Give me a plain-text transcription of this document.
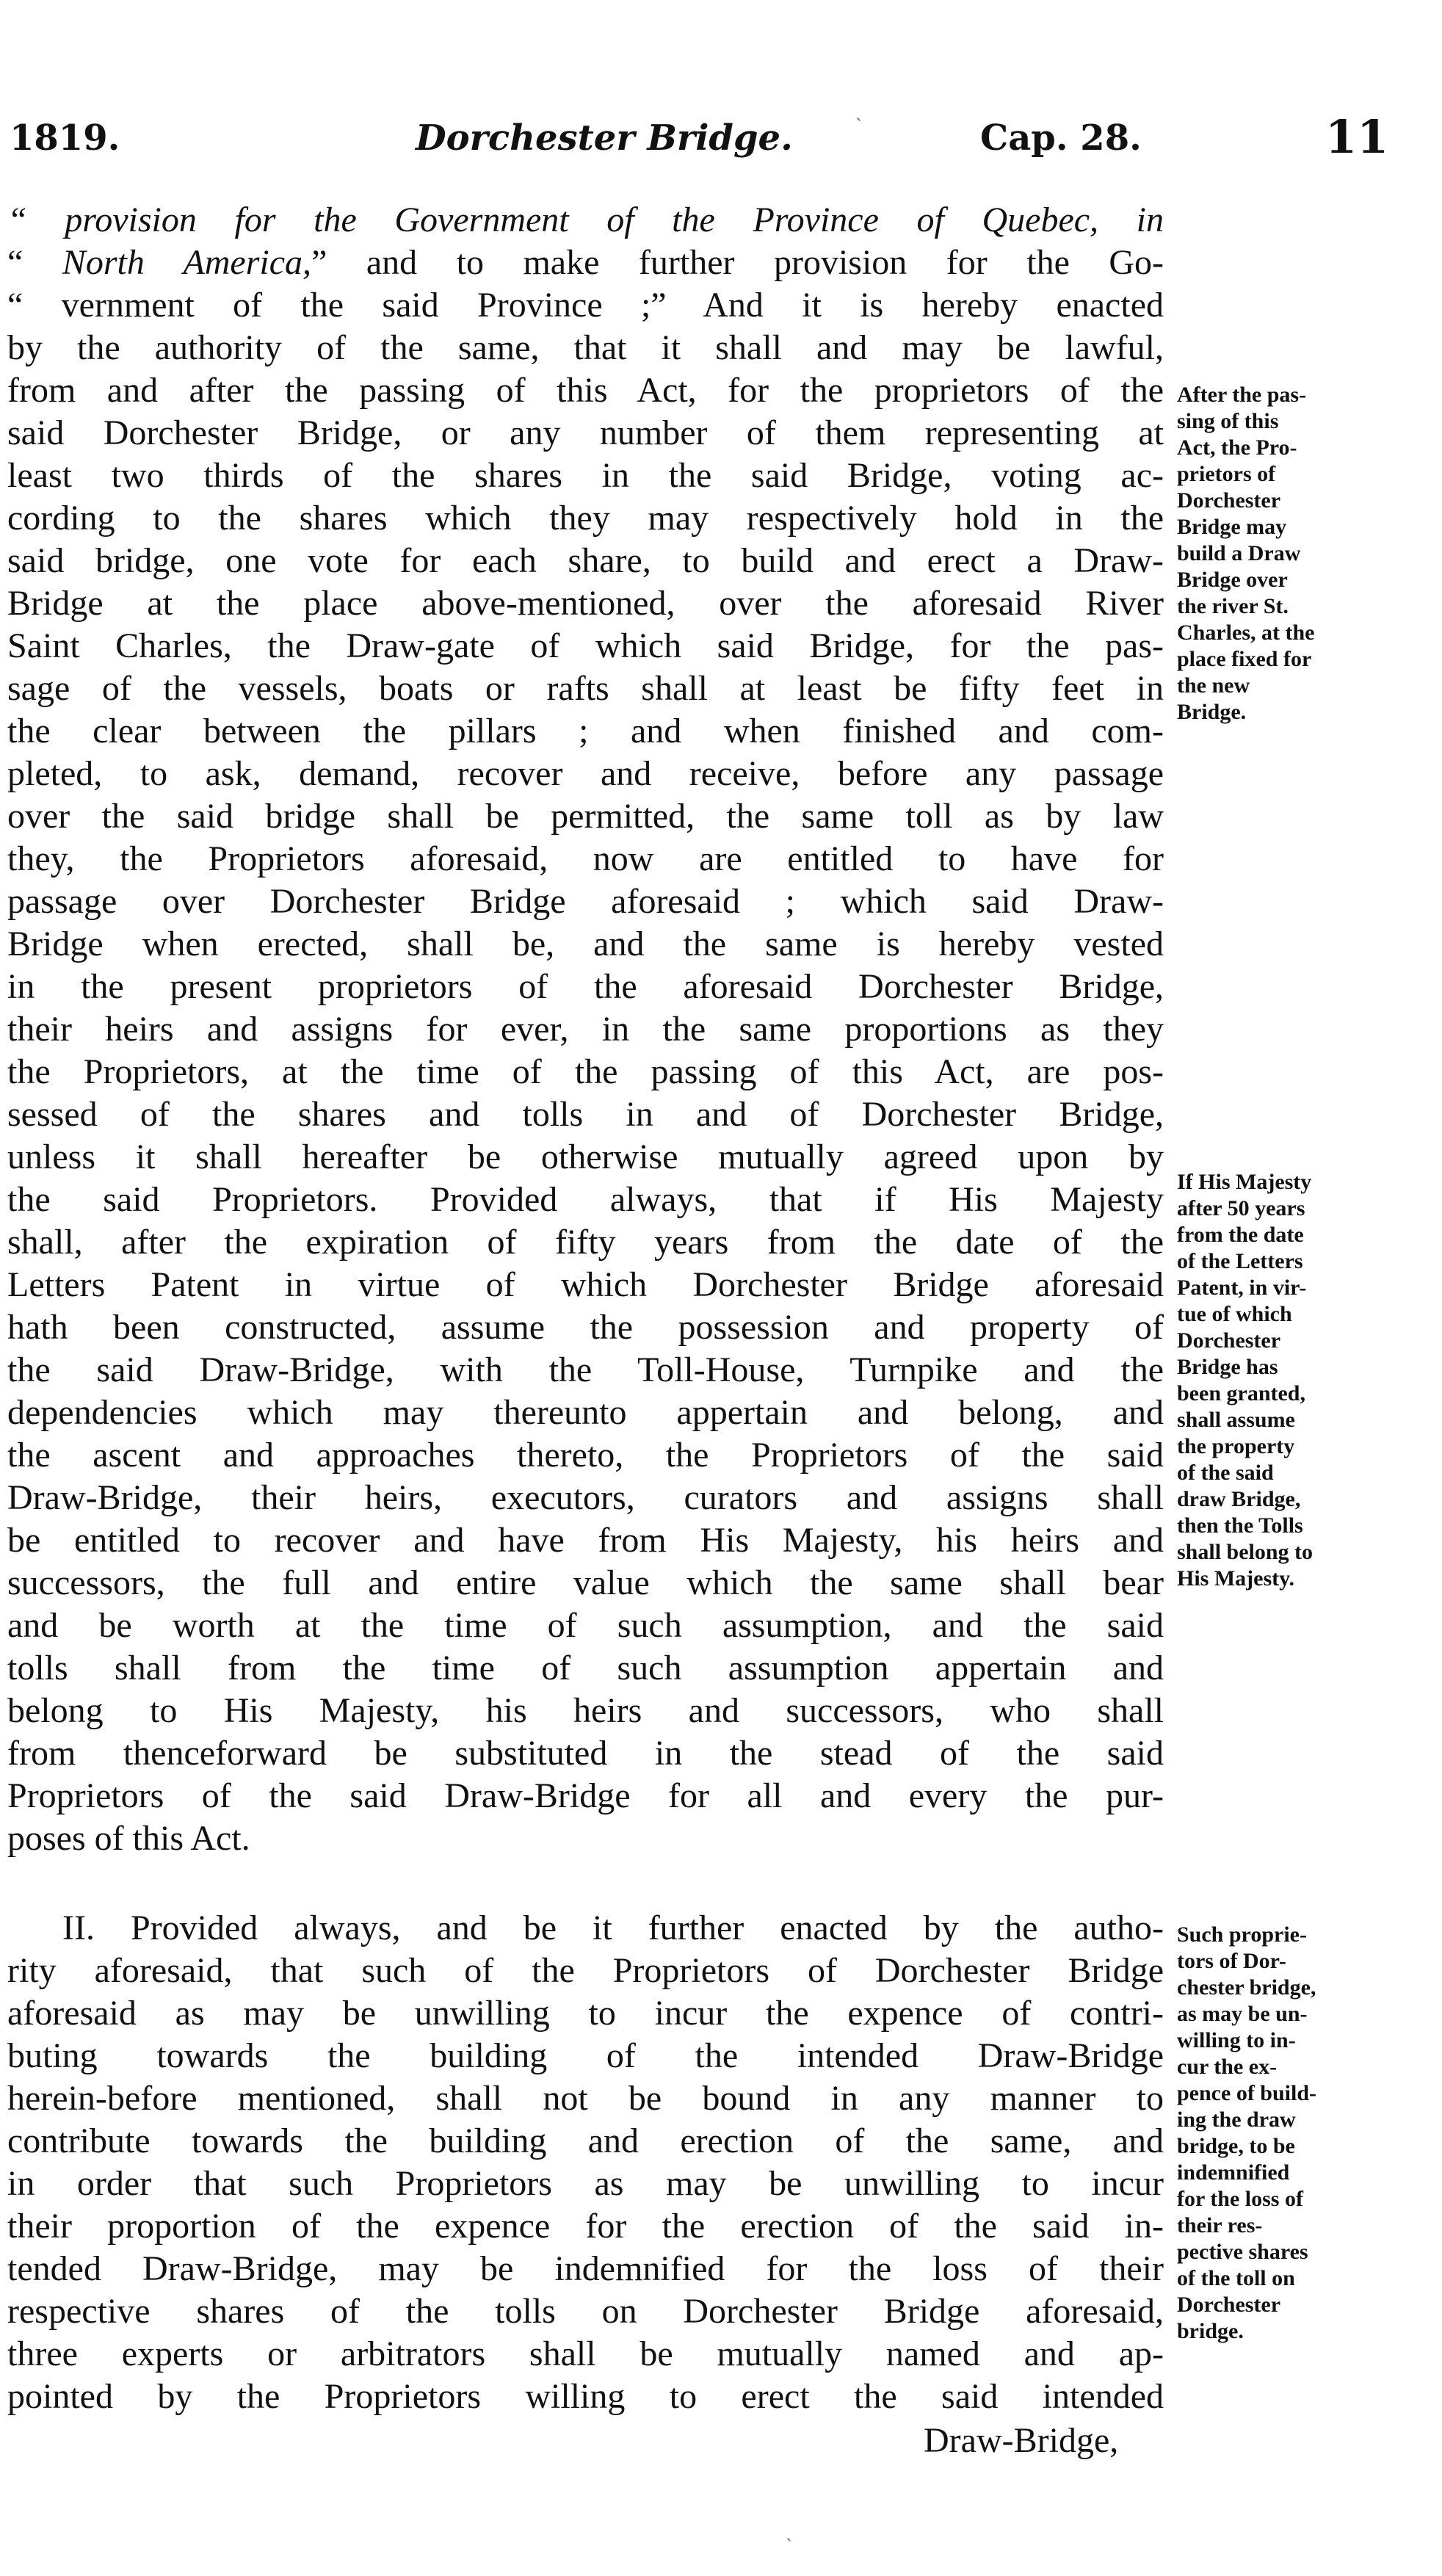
1819.	Dorchester Bridge.	Cap. 28.	11
“ provision for the Government of the Province of Quebec, in
“ North America,” and to make further provision for the Go-
“ vernment of the said Province ;” And it is hereby enacted
by the authority of the same, that it shall and may be lawful,
from and after the passing of this Act, for the proprietors of the
said Dorchester Bridge, or any number of them representing at
least two thirds of the shares in the said Bridge, voting ac-
cording to the shares which they may respectively hold in the
said bridge, one vote for each share, to build and erect a Draw-
Bridge at the place above-mentioned, over the aforesaid River
Saint Charles, the Draw-gate of which said Bridge, for the pas-
sage of the vessels, boats or rafts shall at least be fifty feet in
the clear between the pillars ; and when finished and com-
pleted, to ask, demand, recover and receive, before any passage
over the said bridge shall be permitted, the same toll as by law
they, the Proprietors aforesaid, now are entitled to have for
passage over Dorchester Bridge aforesaid ; which said Draw-
Bridge when erected, shall be, and the same is hereby vested
in the present proprietors of the aforesaid Dorchester Bridge,
their heirs and assigns for ever, in the same proportions as they
the Proprietors, at the time of the passing of this Act, are pos-
sessed of the shares and tolls in and of Dorchester Bridge,
unless it shall hereafter be otherwise mutually agreed upon by
the said Proprietors. Provided always, that if His Majesty
shall, after the expiration of fifty years from the date of the
Letters Patent in virtue of which Dorchester Bridge aforesaid
hath been constructed, assume the possession and property of
the said Draw-Bridge, with the Toll-House, Turnpike and the
dependencies which may thereunto appertain and belong, and
the ascent and approaches thereto, the Proprietors of the said
Draw-Bridge, their heirs, executors, curators and assigns shall
be entitled to recover and have from His Majesty, his heirs and
successors, the full and entire value which the same shall bear
and be worth at the time of such assumption, and the said
tolls shall from the time of such assumption appertain and
belong to His Majesty, his heirs and successors, who shall
from thenceforward be substituted in the stead of the said
Proprietors of the said Draw-Bridge for all and every the pur-
poses of this Act.
II. Provided always, and be it further enacted by the autho-
rity aforesaid, that such of the Proprietors of Dorchester Bridge
aforesaid as may be unwilling to incur the expence of contri-
buting towards the building of the intended Draw-Bridge
herein-before mentioned, shall not be bound in any manner to
contribute towards the building and erection of the same, and
in order that such Proprietors as may be unwilling to incur
their proportion of the expence for the erection of the said in-
tended Draw-Bridge, may be indemnified for the loss of their
respective shares of the tolls on Dorchester Bridge aforesaid,
three experts or arbitrators shall be mutually named and ap-
pointed by the Proprietors willing to erect the said intended
Draw-Bridge,
After the pas-
sing of this
Act, the Pro-
prietors of
Dorchester
Bridge may
build a Draw
Bridge over
the river St.
Charles, at the
place fixed for
the new
Bridge.
If His Majesty
after 50 years
from the date
of the Letters
Patent, in vir-
tue of which
Dorchester
Bridge has
been granted,
shall assume
the property
of the said
draw Bridge,
then the Tolls
shall belong to
His Majesty.
Such proprie-
tors of Dor-
chester bridge,
as may be un-
willing to in-
cur the ex-
pence of build-
ing the draw
bridge, to be
indemnified
for the loss of
their res-
pective shares
of the toll on
Dorchester
bridge.
ˎ
ˎ
